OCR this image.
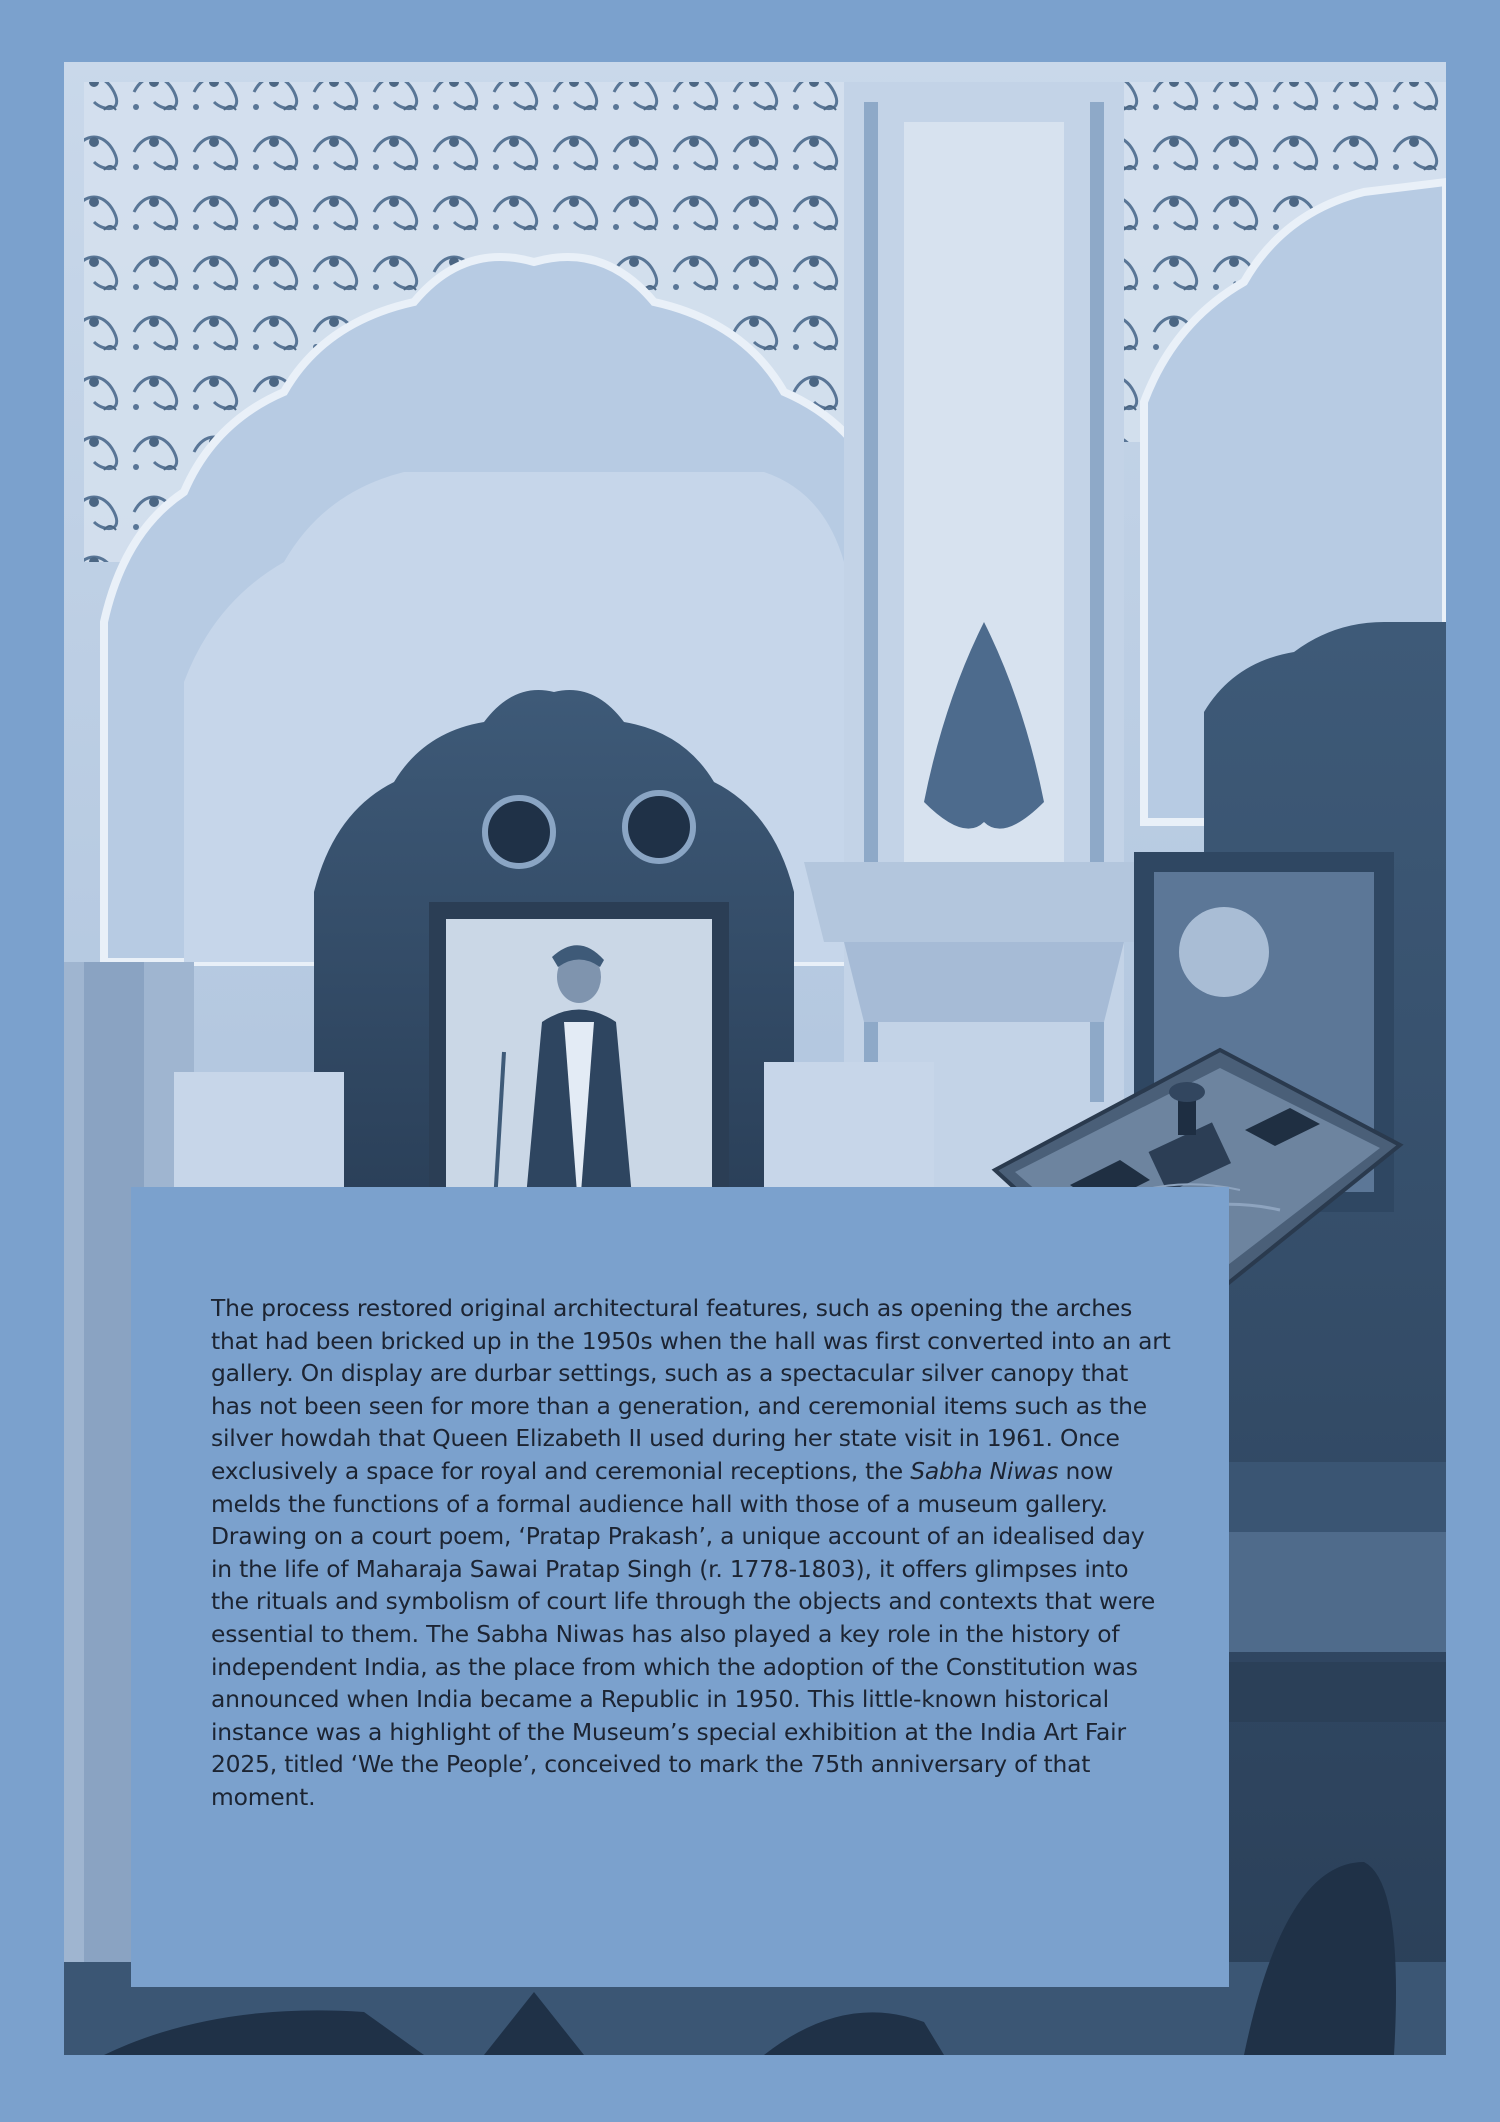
The process restored original architectural features, such as opening the arches that had been bricked up in the 1950s when the hall was first converted into an art gallery. On display are durbar settings, such as a spectacular silver canopy that has not been seen for more than a generation, and ceremonial items such as the silver howdah that Queen Elizabeth II used during her state visit in 1961. Once exclusively a space for royal and ceremonial receptions, the Sabha Niwas now melds the functions of a formal audience hall with those of a museum gallery. Drawing on a court poem, ‘Pratap Prakash’, a unique account of an idealised day in the life of Maharaja Sawai Pratap Singh (r. 1778-1803), it offers glimpses into the rituals and symbolism of court life through the objects and contexts that were essential to them. The Sabha Niwas has also played a key role in the history of independent India, as the place from which the adoption of the Constitution was announced when India became a Republic in 1950. This little-known historical instance was a highlight of the Museum’s special exhibition at the India Art Fair 2025, titled ‘We the People’, conceived to mark the 75th anniversary of that moment.
